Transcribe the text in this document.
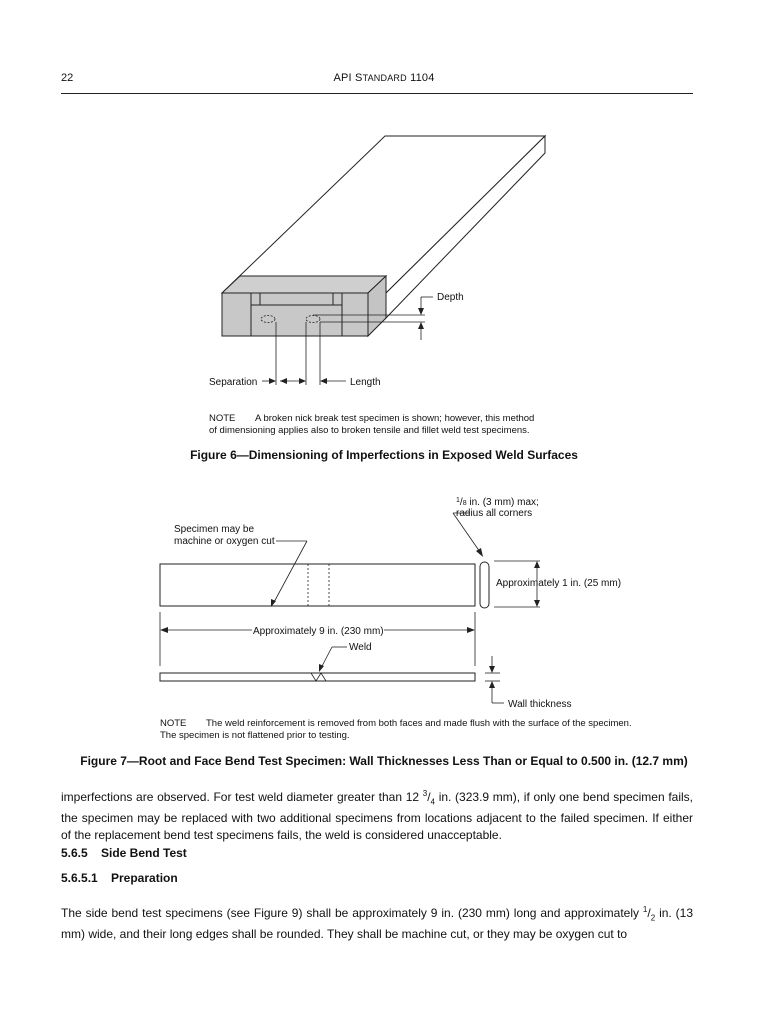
22	API STANDARD 1104
Depth
Separation	Length
NOTE A broken nick break test specimen is shown; however, this method
of dimensioning applies also to broken tensile and fillet weld test specimens.
Figure 6—Dimensioning of Imperfections in Exposed Weld Surfaces
$^1$/8 in. (3 mm) max;
radius all corners
Specimen may be
machine or oxygen cut
Approximately 1 in. (25 mm)
Approximately 9 in. (230 mm)
Weld
Wall thickness
NOTE The weld reinforcement is removed from both faces and made flush with the surface of the specimen.
The specimen is not flattened prior to testing.
Figure 7—Root and Face Bend Test Specimen: Wall Thicknesses Less Than or Equal to 0.500 in. (12.7 mm)
imperfections are observed. For test weld diameter greater than 12 $^3/_4$ in. (323.9 mm), if only one bend specimen fails, the specimen may be replaced with two additional specimens from locations adjacent to the failed specimen. If either of the replacement bend test specimens fails, the weld is considered unacceptable.
5.6.5 Side Bend Test
5.6.5.1 Preparation
The side bend test specimens (see Figure 9) shall be approximately 9 in. (230 mm) long and approximately $^1/_2$ in. (13 mm) wide, and their long edges shall be rounded. They shall be machine cut, or they may be oxygen cut to
